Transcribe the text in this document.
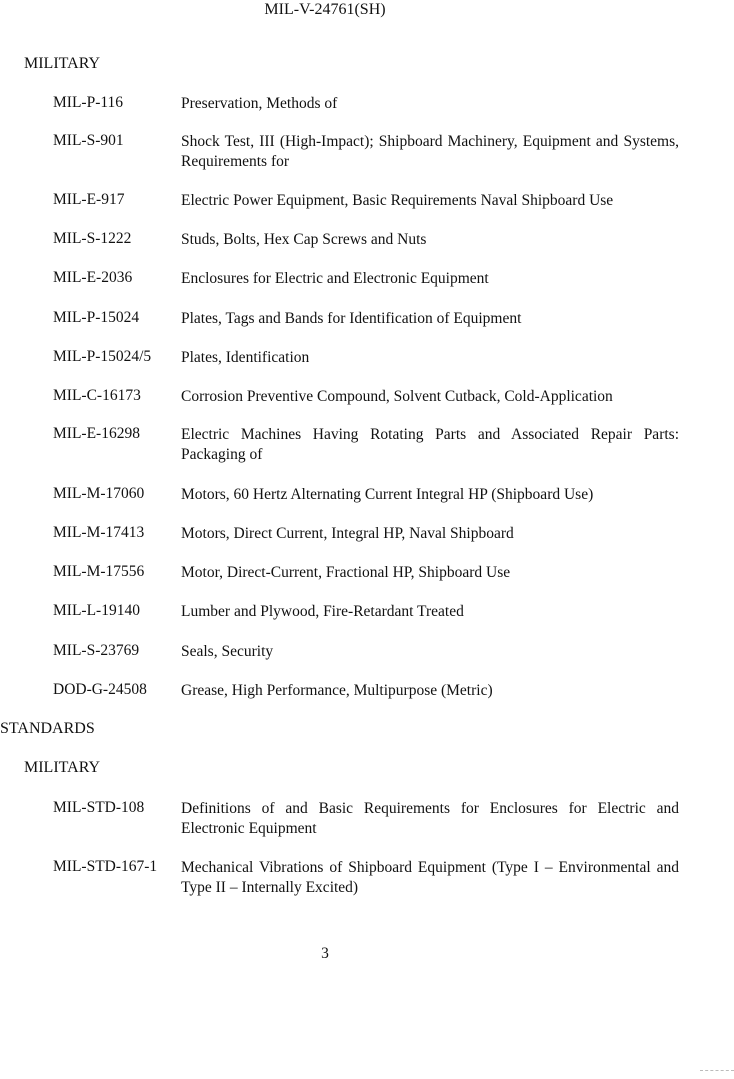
MIL-V-24761(SH)
MILITARY
MIL-P-116	Preservation, Methods of
MIL-S-901	Shock Test, III (High-Impact); Shipboard Machinery, Equipment and Systems, Requirements for
MIL-E-917	Electric Power Equipment, Basic Requirements Naval Shipboard Use
MIL-S-1222	Studs, Bolts, Hex Cap Screws and Nuts
MIL-E-2036	Enclosures for Electric and Electronic Equipment
MIL-P-15024	Plates, Tags and Bands for Identification of Equipment
MIL-P-15024/5 Plates, Identification
MIL-C-16173	Corrosion Preventive Compound, Solvent Cutback, Cold-Application
MIL-E-16298	Electric Machines Having Rotating Parts and Associated Repair Parts: Packaging of
MIL-M-17060 Motors, 60 Hertz Alternating Current Integral HP (Shipboard Use)
MIL-M-17413 Motors, Direct Current, Integral HP, Naval Shipboard
MIL-M-17556 Motor, Direct-Current, Fractional HP, Shipboard Use
MIL-L-19140	Lumber and Plywood, Fire-Retardant Treated
MIL-S-23769	Seals, Security
DOD-G-24508 Grease, High Performance, Multipurpose (Metric)
STANDARDS
MILITARY
MIL-STD-108 Definitions of and Basic Requirements for Enclosures for Electric and Electronic Equipment
MIL-STD-167-1 Mechanical Vibrations of Shipboard Equipment (Type I – Environmental and Type II – Internally Excited)
3
